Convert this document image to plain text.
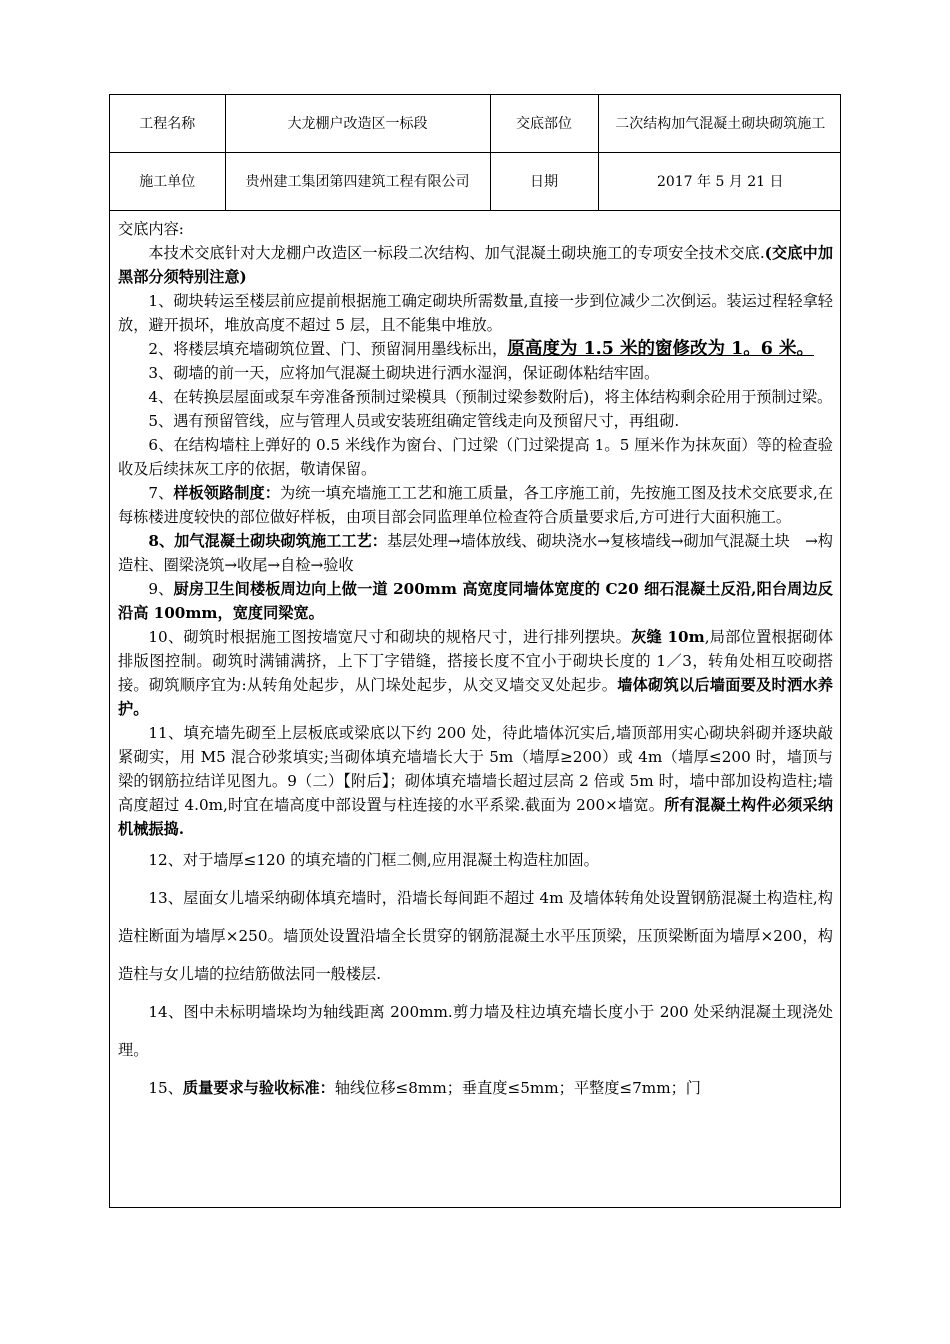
工程名称	大龙棚户改造区一标段	交底部位	二次结构加气混凝土砌块砌筑施工
施工单位	贵州建工集团第四建筑工程有限公司	日期	2017 年 5 月 21 日

交底内容:

本技术交底针对大龙棚户改造区一标段二次结构、加气混凝土砌块施工的专项安全技术交底.(交底中加黑部分须特别注意)

1、砌块转运至楼层前应提前根据施工确定砌块所需数量,直接一步到位减少二次倒运。装运过程轻拿轻放，避开损坏，堆放高度不超过 5 层，且不能集中堆放。

2、将楼层填充墙砌筑位置、门、预留洞用墨线标出，原高度为 1.5 米的窗修改为 1。6 米。

3、砌墙的前一天，应将加气混凝土砌块进行洒水湿润，保证砌体粘结牢固。

4、在转换层屋面或泵车旁准备预制过梁模具（预制过梁参数附后)，将主体结构剩余砼用于预制过梁。

5、遇有预留管线，应与管理人员或安装班组确定管线走向及预留尺寸，再组砌.

6、在结构墙柱上弹好的 0.5 米线作为窗台、门过梁（门过梁提高 1。5 厘米作为抹灰面）等的检查验收及后续抹灰工序的依据，敬请保留。

7、样板领路制度：为统一填充墙施工工艺和施工质量，各工序施工前，先按施工图及技术交底要求,在每栋楼进度较快的部位做好样板，由项目部会同监理单位检查符合质量要求后,方可进行大面积施工。

8、加气混凝土砌块砌筑施工工艺：基层处理→墙体放线、砌块浇水→复核墙线→砌加气混凝土块　→构造柱、圈梁浇筑→收尾→自检→验收

9、厨房卫生间楼板周边向上做一道 200mm 高宽度同墙体宽度的 C20 细石混凝土反沿,阳台周边反沿高 100mm，宽度同梁宽。

10、砌筑时根据施工图按墙宽尺寸和砌块的规格尺寸，进行排列摆块。灰缝 10m,局部位置根据砌体排版图控制。砌筑时满铺满挤，上下丁字错缝，搭接长度不宜小于砌块长度的 1／3，转角处相互咬砌搭接。砌筑顺序宜为:从转角处起步，从门垛处起步，从交叉墙交叉处起步。墙体砌筑以后墙面要及时洒水养护。

11、填充墙先砌至上层板底或梁底以下约 200 处，待此墙体沉实后,墙顶部用实心砌块斜砌并逐块敲紧砌实，用 M5 混合砂浆填实;当砌体填充墙墙长大于 5m（墙厚≥200）或 4m（墙厚≤200 时，墙顶与梁的钢筋拉结详见图九。9（二）【附后】；砌体填充墙墙长超过层高 2 倍或 5m 时，墙中部加设构造柱;墙高度超过 4.0m,时宜在墙高度中部设置与柱连接的水平系梁.截面为 200×墙宽。所有混凝土构件必须采纳机械振捣.

12、对于墙厚≤120 的填充墙的门框二侧,应用混凝土构造柱加固。

13、屋面女儿墙采纳砌体填充墙时，沿墙长每间距不超过 4m 及墙体转角处设置钢筋混凝土构造柱,构造柱断面为墙厚×250。墙顶处设置沿墙全长贯穿的钢筋混凝土水平压顶梁，压顶梁断面为墙厚×200，构造柱与女儿墙的拉结筋做法同一般楼层.

14、图中未标明墙垛均为轴线距离 200mm.剪力墙及柱边填充墙长度小于 200 处采纳混凝土现浇处理。

15、质量要求与验收标准：轴线位移≤8mm；垂直度≤5mm；平整度≤7mm；门
